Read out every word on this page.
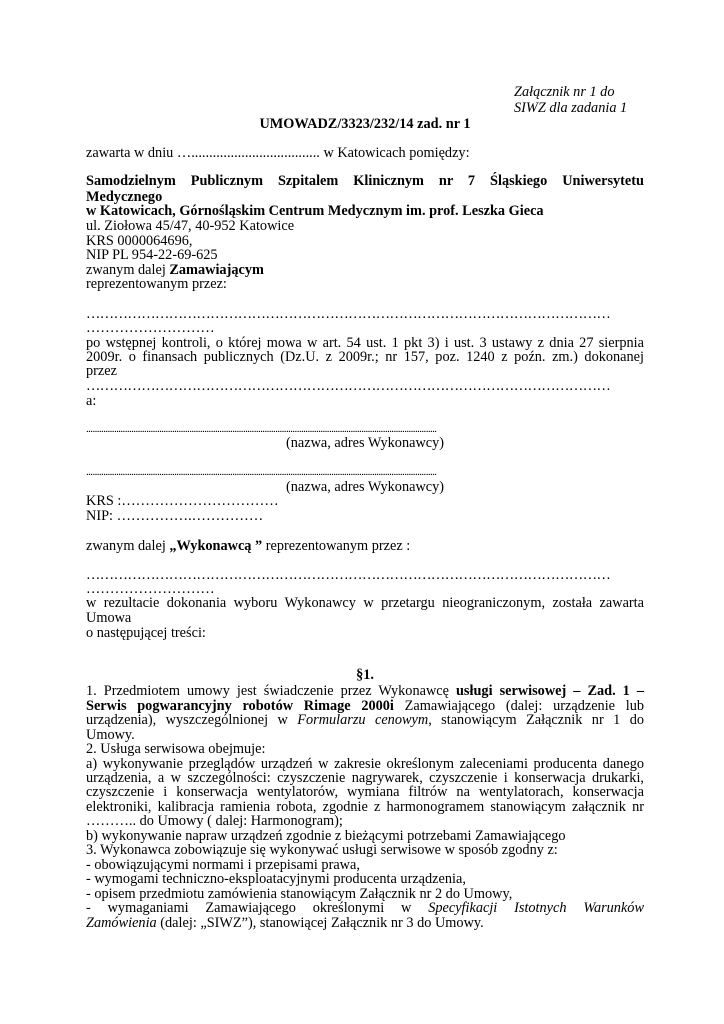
Załącznik nr 1 do
SIWZ dla zadania 1
UMOWADZ/3323/232/14 zad. nr 1
zawarta w dniu ….................................... w Katowicach pomiędzy:
Samodzielnym Publicznym Szpitalem Klinicznym nr 7 Śląskiego Uniwersytetu
Medycznego
w Katowicach, Górnośląskim Centrum Medycznym im. prof. Leszka Gieca
ul. Ziołowa 45/47, 40-952 Katowice
KRS 0000064696,
NIP PL 954-22-69-625
zwanym dalej Zamawiającym
reprezentowanym przez:
……………………………………………………………………………………………………
………………………
po wstępnej kontroli, o której mowa w art. 54 ust. 1 pkt 3) i ust. 3 ustawy z dnia 27 sierpnia
2009r. o finansach publicznych (Dz.U. z 2009r.; nr 157, poz. 1240 z poźn. zm.) dokonanej
przez
……………………………………………………………………………………………………
a:
...................................................................................................................................................................
(nazwa, adres Wykonawcy)
...................................................................................................................................................................
(nazwa, adres Wykonawcy)
KRS :……………………………
NIP: …………….……………
zwanym dalej „Wykonawcą ” reprezentowanym przez :
……………………………………………………………………………………………………
………………………
w rezultacie dokonania wyboru Wykonawcy w przetargu nieograniczonym, została zawarta
Umowa
o następującej treści:
§1.
1. Przedmiotem umowy jest świadczenie przez Wykonawcę usługi serwisowej – Zad. 1 –
Serwis pogwarancyjny robotów Rimage 2000i Zamawiającego (dalej: urządzenie lub
urządzenia), wyszczególnionej w Formularzu cenowym, stanowiącym Załącznik nr 1 do
Umowy.
2. Usługa serwisowa obejmuje:
a) wykonywanie przeglądów urządzeń w zakresie określonym zaleceniami producenta danego
urządzenia, a w szczególności: czyszczenie nagrywarek, czyszczenie i konserwacja drukarki,
czyszczenie i konserwacja wentylatorów, wymiana filtrów na wentylatorach, konserwacja
elektroniki, kalibracja ramienia robota, zgodnie z harmonogramem stanowiącym załącznik nr
……….. do Umowy ( dalej: Harmonogram);
b) wykonywanie napraw urządzeń zgodnie z bieżącymi potrzebami Zamawiającego
3. Wykonawca zobowiązuje się wykonywać usługi serwisowe w sposób zgodny z:
- obowiązującymi normami i przepisami prawa,
- wymogami techniczno-eksploatacyjnymi producenta urządzenia,
- opisem przedmiotu zamówienia stanowiącym Załącznik nr 2 do Umowy,
- wymaganiami Zamawiającego określonymi w Specyfikacji Istotnych Warunków
Zamówienia (dalej: „SIWZ”), stanowiącej Załącznik nr 3 do Umowy.
